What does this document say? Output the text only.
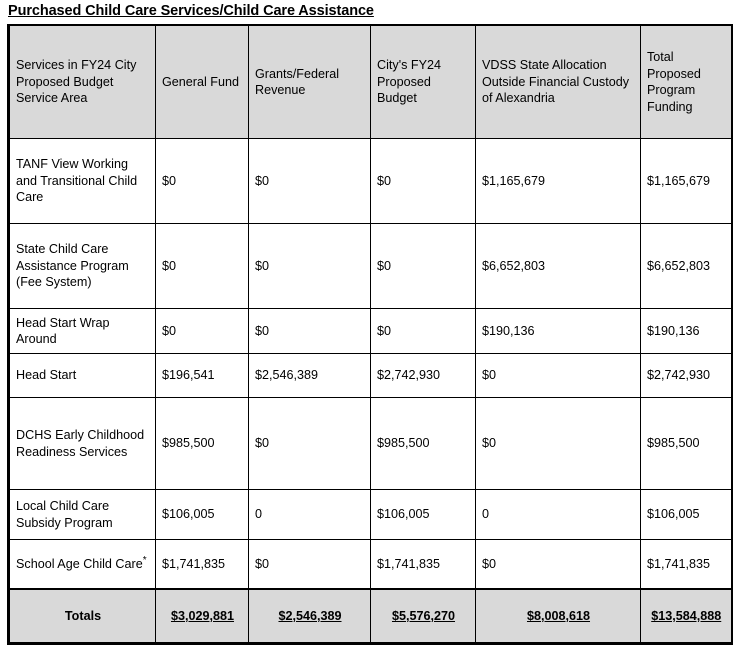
Purchased Child Care Services/Child Care Assistance
Services in FY24 City Proposed Budget Service Area	General Fund	Grants/Federal Revenue	City's FY24 Proposed Budget	VDSS State Allocation Outside Financial Custody of Alexandria	Total Proposed Program Funding
TANF View Working and Transitional Child Care	$0	$0	$0	$1,165,679	$1,165,679
State Child Care Assistance Program (Fee System)	$0	$0	$0	$6,652,803	$6,652,803
Head Start Wrap Around	$0	$0	$0	$190,136	$190,136
Head Start	$196,541	$2,546,389	$2,742,930	$0	$2,742,930
DCHS Early Childhood Readiness Services	$985,500	$0	$985,500	$0	$985,500
Local Child Care Subsidy Program	$106,005	0	$106,005	0	$106,005
School Age Child Care*	$1,741,835	$0	$1,741,835	$0	$1,741,835
Totals	$3,029,881	$2,546,389	$5,576,270	$8,008,618	$13,584,888
